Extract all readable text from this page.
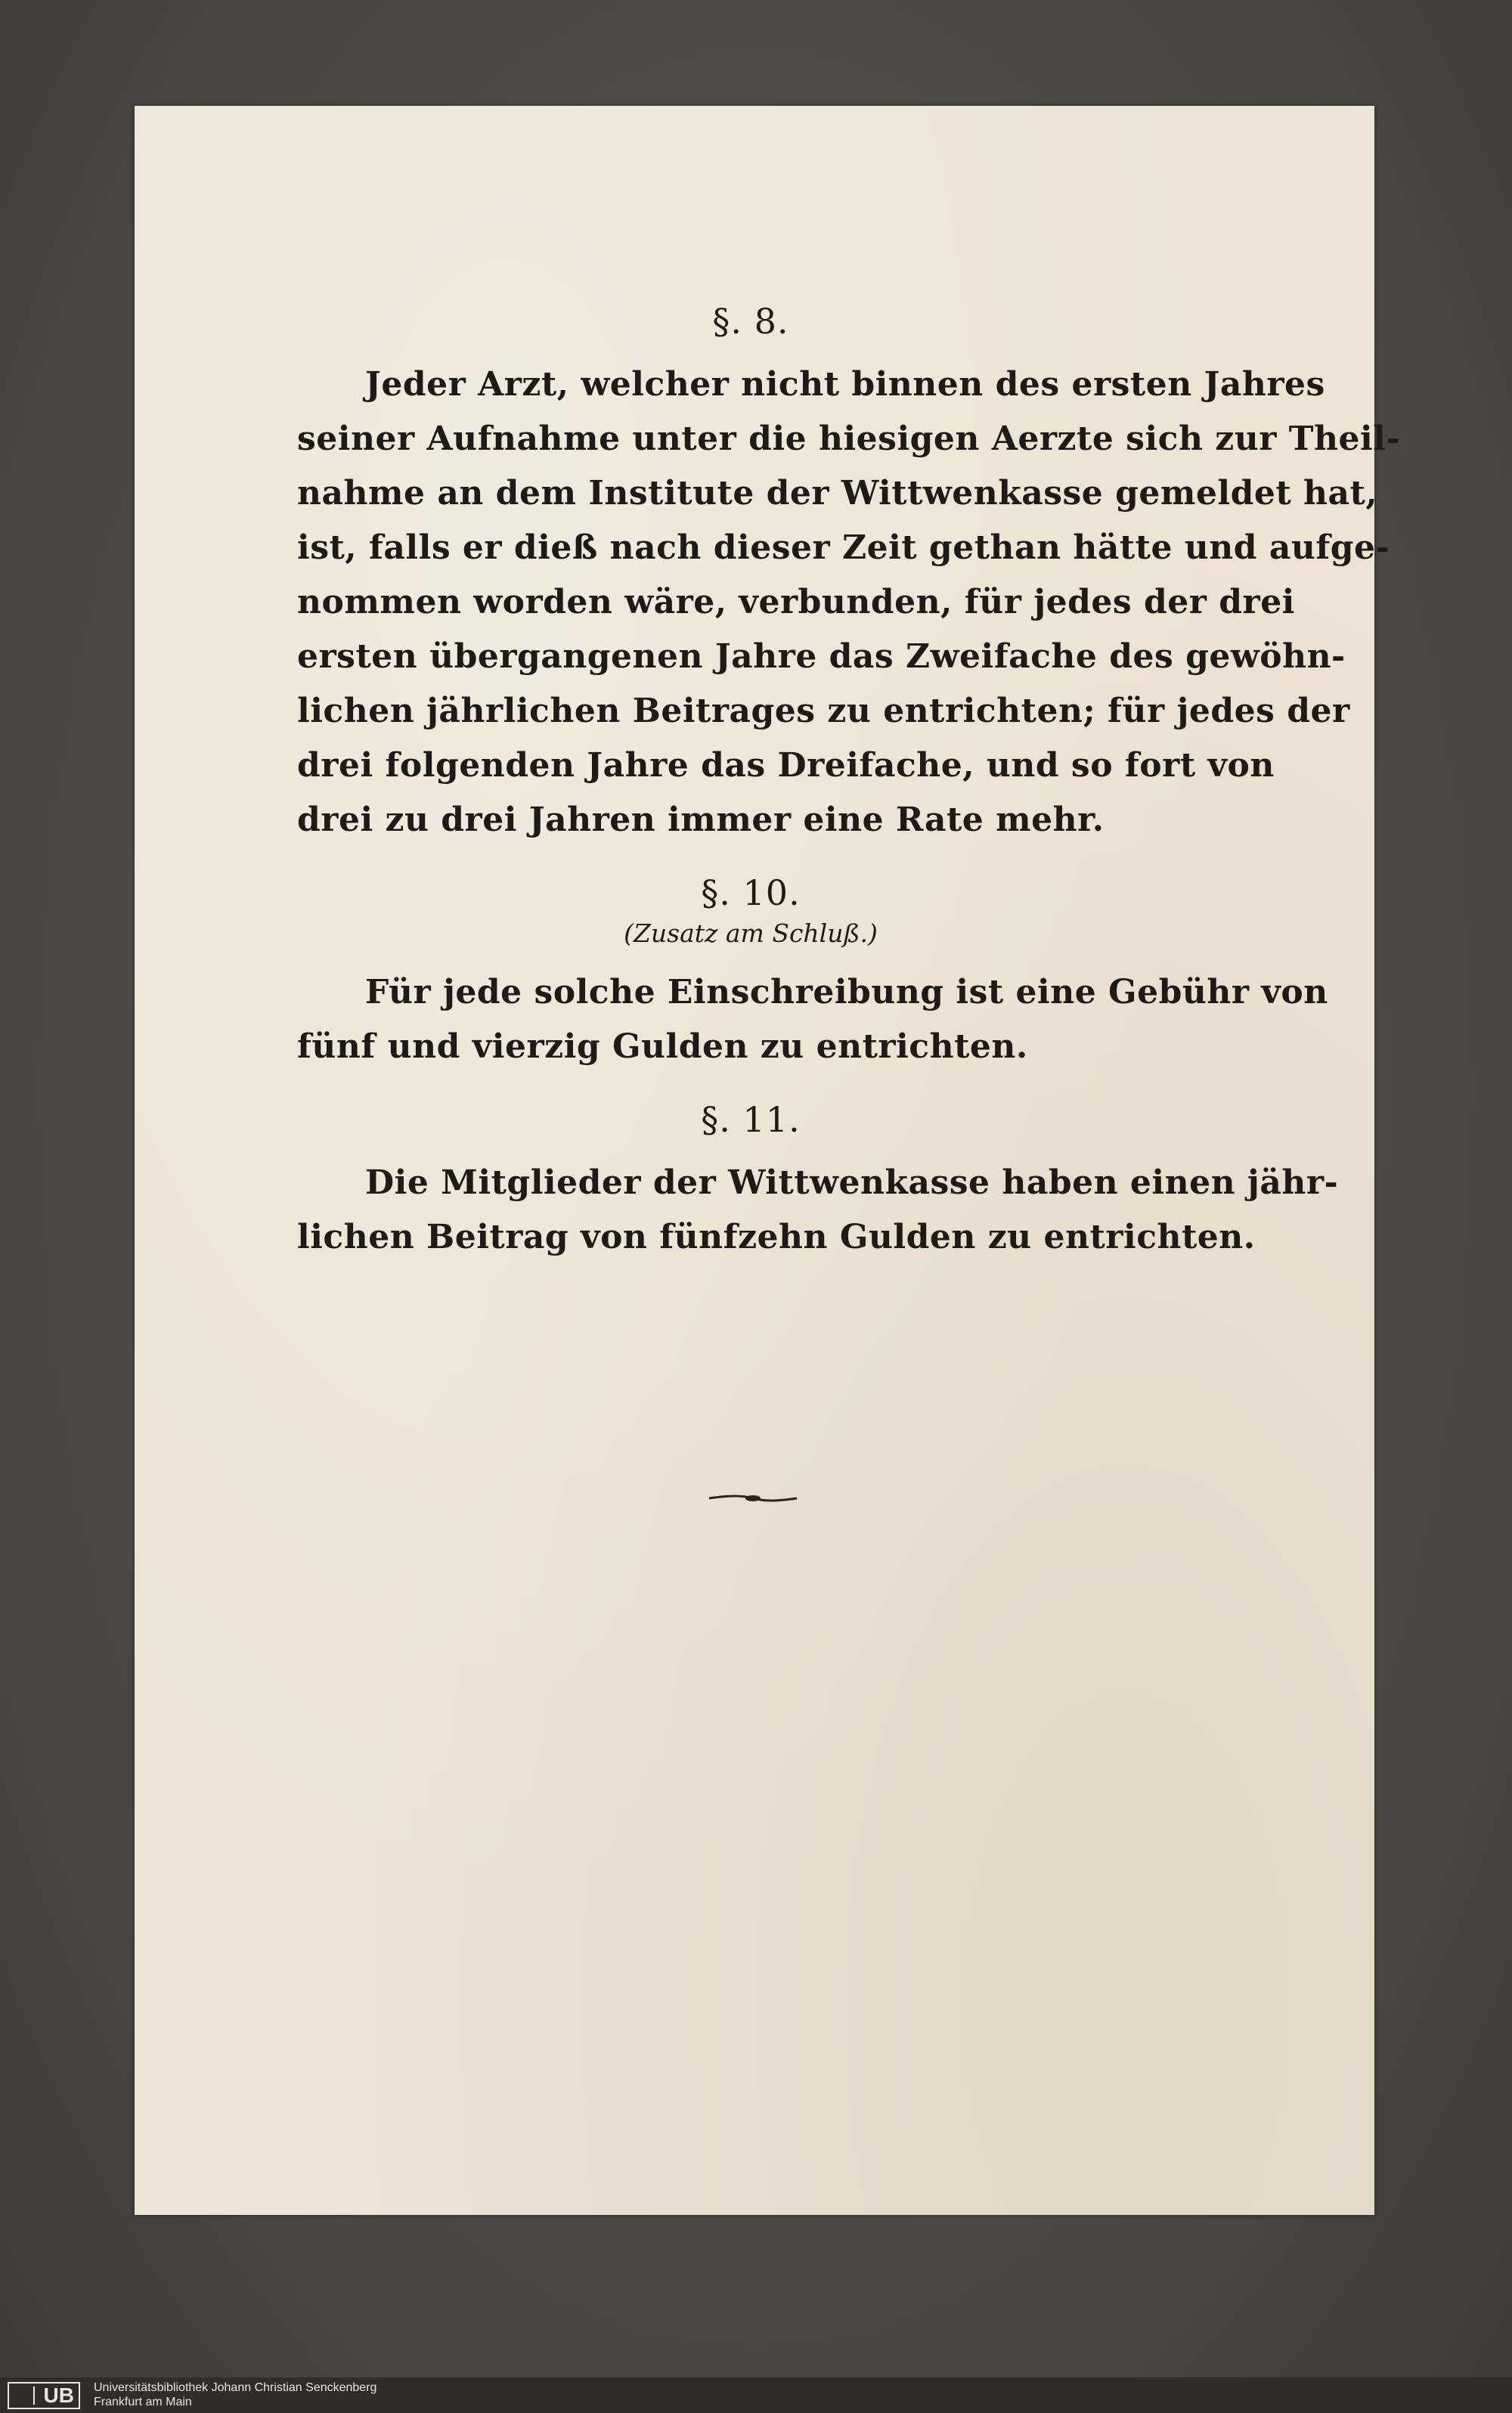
§. 8.

Jeder Arzt, welcher nicht binnen des ersten Jahres

seiner Aufnahme unter die hiesigen Aerzte sich zur Theil-

nahme an dem Institute der Wittwenkasse gemeldet hat,

ist, falls er dieß nach dieser Zeit gethan hätte und aufge-

nommen worden wäre, verbunden, für jedes der drei

ersten übergangenen Jahre das Zweifache des gewöhn-

lichen jährlichen Beitrages zu entrichten; für jedes der

drei folgenden Jahre das Dreifache, und so fort von

drei zu drei Jahren immer eine Rate mehr.

§. 10.

(Zusatz am Schluß.)

Für jede solche Einschreibung ist eine Gebühr von

fünf und vierzig Gulden zu entrichten.

§. 11.

Die Mitglieder der Wittwenkasse haben einen jähr-

lichen Beitrag von fünfzehn Gulden zu entrichten.

UB	Universitätsbibliothek Johann Christian Senckenberg
Frankfurt am Main
